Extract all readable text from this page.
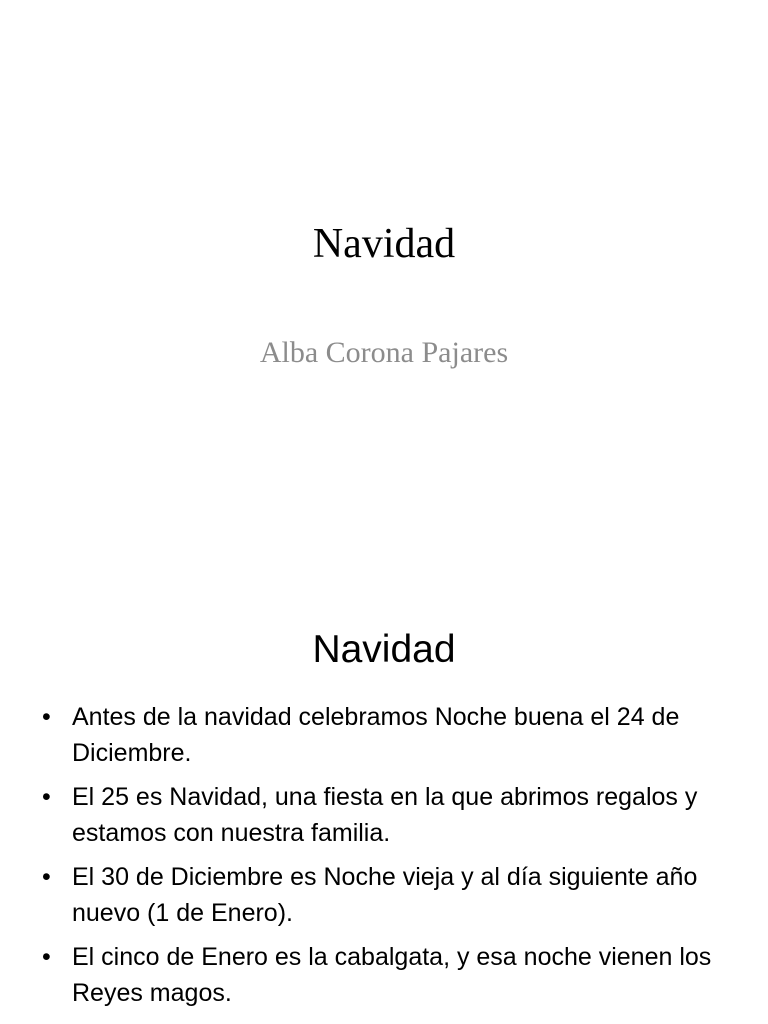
Navidad
Alba Corona Pajares
Navidad
• Antes de la navidad celebramos Noche buena el 24 de Diciembre.
• El 25 es Navidad, una fiesta en la que abrimos regalos y estamos con nuestra familia.
• El 30 de Diciembre es Noche vieja y al día siguiente año nuevo (1 de Enero).
• El cinco de Enero es la cabalgata, y esa noche vienen los Reyes magos.
